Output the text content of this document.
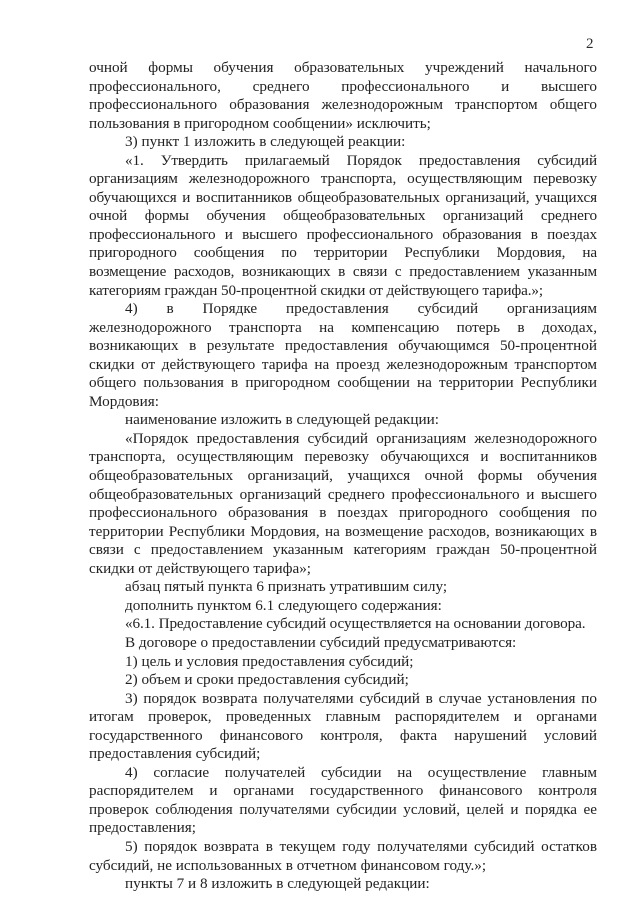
2

очной формы обучения образовательных учреждений начального профессионального, среднего профессионального и высшего профессионального образования железнодорожным транспортом общего пользования в пригородном сообщении» исключить;

3) пункт 1 изложить в следующей реакции:

«1. Утвердить прилагаемый Порядок предоставления субсидий организациям железнодорожного транспорта, осуществляющим перевозку обучающихся и воспитанников общеобразовательных организаций, учащихся очной формы обучения общеобразовательных организаций среднего профессионального и высшего профессионального образования в поездах пригородного сообщения по территории Республики Мордовия, на возмещение расходов, возникающих в связи с предоставлением указанным категориям граждан 50-процентной скидки от действующего тарифа.»;

4) в Порядке предоставления субсидий организациям железнодорожного транспорта на компенсацию потерь в доходах, возникающих в результате предоставления обучающимся 50-процентной скидки от действующего тарифа на проезд железнодорожным транспортом общего пользования в пригородном сообщении на территории Республики Мордовия:

наименование изложить в следующей редакции:

«Порядок предоставления субсидий организациям железнодорожного транспорта, осуществляющим перевозку обучающихся и воспитанников общеобразовательных организаций, учащихся очной формы обучения общеобразовательных организаций среднего профессионального и высшего профессионального образования в поездах пригородного сообщения по территории Республики Мордовия, на возмещение расходов, возникающих в связи с предоставлением указанным категориям граждан 50-процентной скидки от действующего тарифа»;

абзац пятый пункта 6 признать утратившим силу;

дополнить пунктом 6.1 следующего содержания:

«6.1. Предоставление субсидий осуществляется на основании договора.

В договоре о предоставлении субсидий предусматриваются:

1) цель и условия предоставления субсидий;

2) объем и сроки предоставления субсидий;

3) порядок возврата получателями субсидий в случае установления по итогам проверок, проведенных главным распорядителем и органами государственного финансового контроля, факта нарушений условий предоставления субсидий;

4) согласие получателей субсидии на осуществление главным распорядителем и органами государственного финансового контроля проверок соблюдения получателями субсидии условий, целей и порядка ее предоставления;

5) порядок возврата в текущем году получателями субсидий остатков субсидий, не использованных в отчетном финансовом году.»;

пункты 7 и 8 изложить в следующей редакции:
